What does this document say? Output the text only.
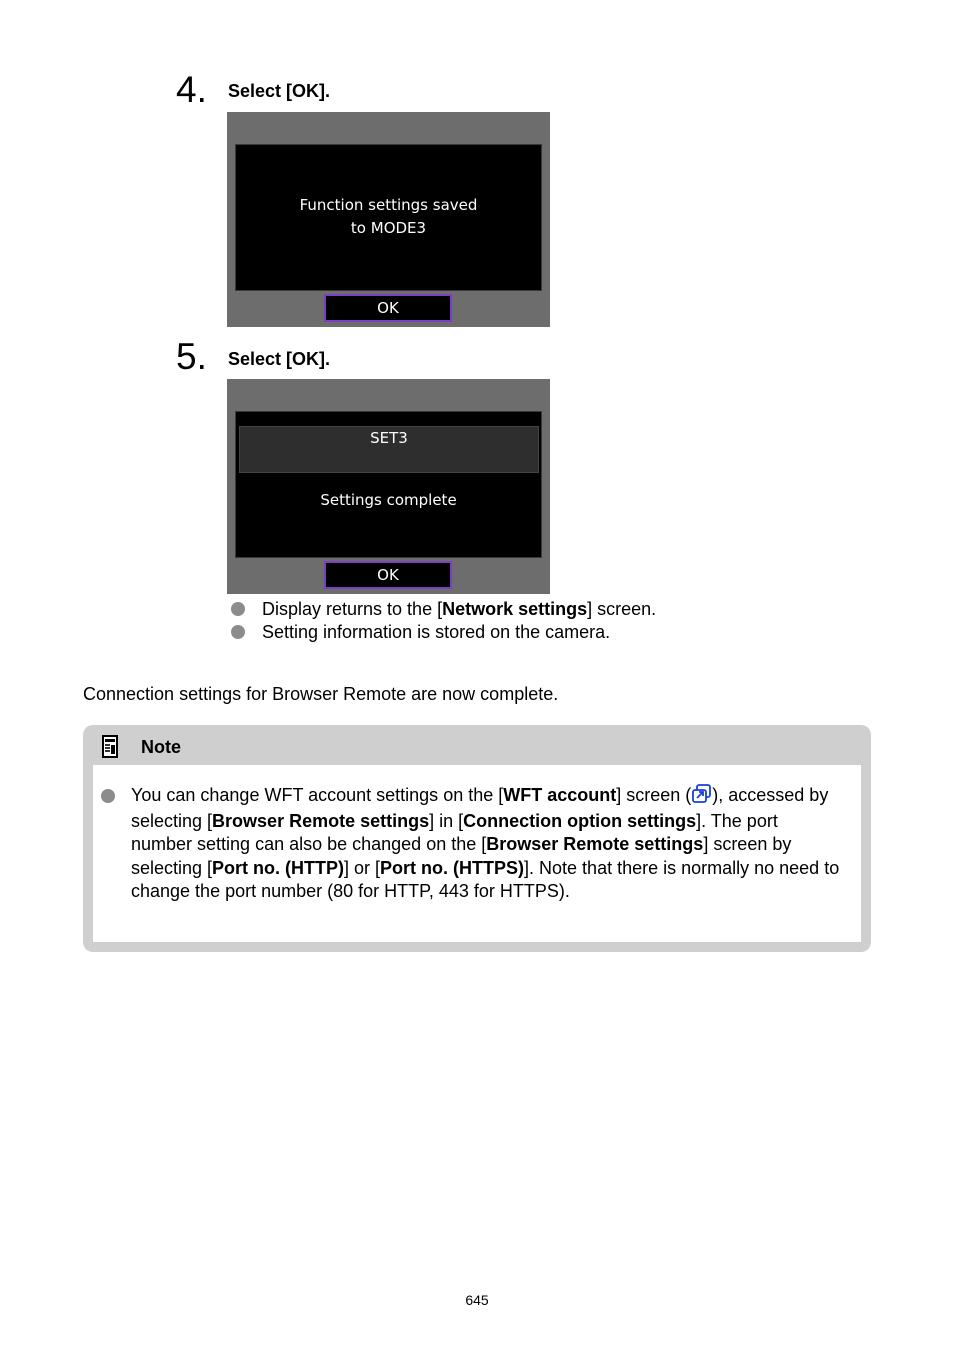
4. Select [OK].
Function settings saved
to MODE3
OK
5. Select [OK].
SET3
Settings complete
OK
Display returns to the [Network settings] screen.
Setting information is stored on the camera.
Connection settings for Browser Remote are now complete.
Note
You can change WFT account settings on the [WFT account] screen ( ), accessed by selecting [Browser Remote settings] in [Connection option settings]. The port number setting can also be changed on the [Browser Remote settings] screen by selecting [Port no. (HTTP)] or [Port no. (HTTPS)]. Note that there is normally no need to change the port number (80 for HTTP, 443 for HTTPS).
645
